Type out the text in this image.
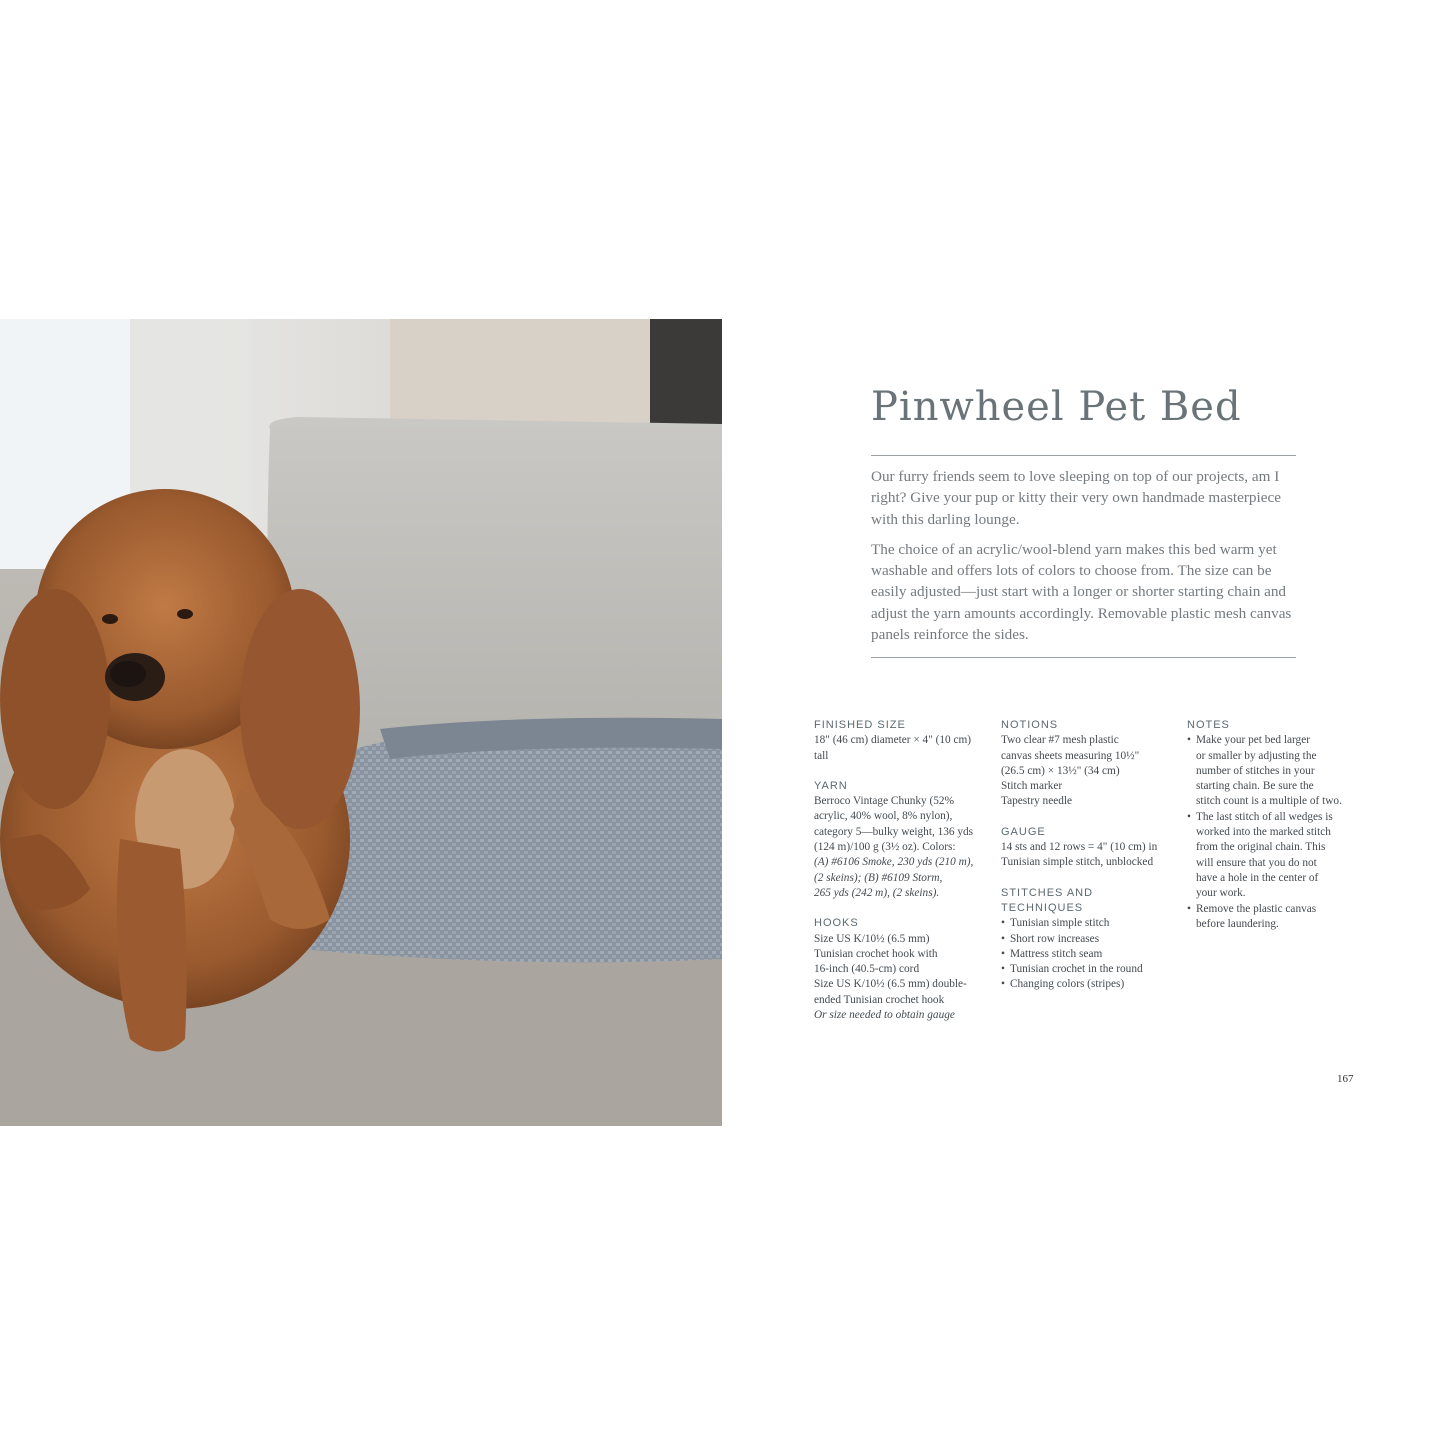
Pinwheel Pet Bed

Our furry friends seem to love sleeping on top of our projects, am I right? Give your pup or kitty their very own handmade masterpiece with this darling lounge.

The choice of an acrylic/wool-blend yarn makes this bed warm yet washable and offers lots of colors to choose from. The size can be easily adjusted—just start with a longer or shorter starting chain and adjust the yarn amounts accordingly. Removable plastic mesh canvas panels reinforce the sides.

FINISHED SIZE

18" (46 cm) diameter × 4" (10 cm)

tall

YARN

Berroco Vintage Chunky (52%

acrylic, 40% wool, 8% nylon),

category 5—bulky weight, 136 yds

(124 m)/100 g (3½ oz). Colors:

(A) #6106 Smoke, 230 yds (210 m),

(2 skeins); (B) #6109 Storm,

265 yds (242 m), (2 skeins).

HOOKS

Size US K/10½ (6.5 mm)

Tunisian crochet hook with

16-inch (40.5-cm) cord

Size US K/10½ (6.5 mm) double-

ended Tunisian crochet hook

Or size needed to obtain gauge

NOTIONS

Two clear #7 mesh plastic

canvas sheets measuring 10½"

(26.5 cm) × 13½" (34 cm)

Stitch marker

Tapestry needle

GAUGE

14 sts and 12 rows = 4" (10 cm) in

Tunisian simple stitch, unblocked

STITCHES AND

TECHNIQUES

• Tunisian simple stitch
• Short row increases
• Mattress stitch seam
• Tunisian crochet in the round
• Changing colors (stripes)

NOTES

• Make your pet bed larger
or smaller by adjusting the
number of stitches in your
starting chain. Be sure the
stitch count is a multiple of two.
• The last stitch of all wedges is
worked into the marked stitch
from the original chain. This
will ensure that you do not
have a hole in the center of
your work.
• Remove the plastic canvas
before laundering.
167
